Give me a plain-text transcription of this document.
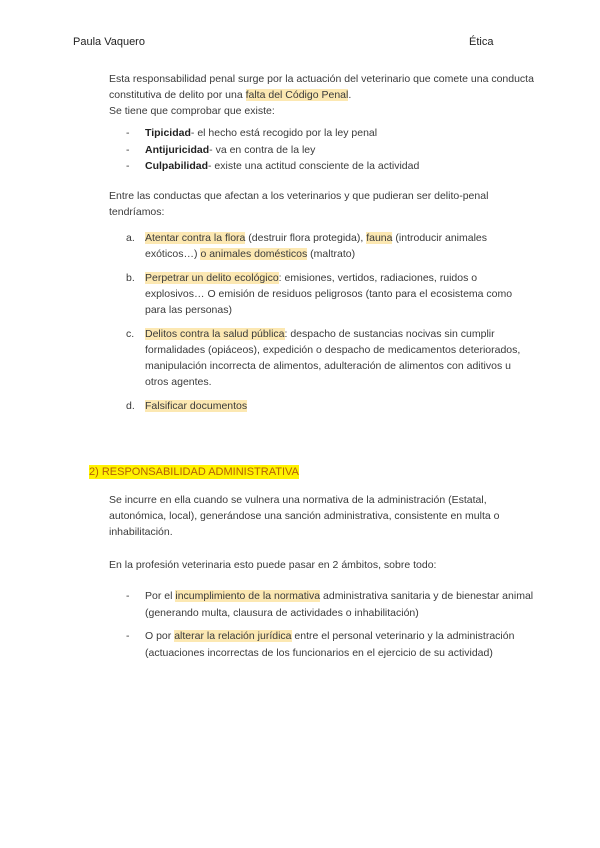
Paula Vaquero	Ética

Esta responsabilidad penal surge por la actuación del veterinario que comete una conducta constitutiva de delito por una falta del Código Penal.
Se tiene que comprobar que existe:

- Tipicidad- el hecho está recogido por la ley penal
- Antijuricidad- va en contra de la ley
- Culpabilidad- existe una actitud consciente de la actividad

Entre las conductas que afectan a los veterinarios y que pudieran ser delito-penal tendríamos:

a. Atentar contra la flora (destruir flora protegida), fauna (introducir animales exóticos…) o animales domésticos (maltrato)
b. Perpetrar un delito ecológico: emisiones, vertidos, radiaciones, ruidos o explosivos… O emisión de residuos peligrosos (tanto para el ecosistema como para las personas)
c. Delitos contra la salud pública: despacho de sustancias nocivas sin cumplir formalidades (opiáceos), expedición o despacho de medicamentos deteriorados, manipulación incorrecta de alimentos, adulteración de alimentos con aditivos u otros agentes.
d. Falsificar documentos
2) RESPONSABILIDAD ADMINISTRATIVA

Se incurre en ella cuando se vulnera una normativa de la administración (Estatal, autonómica, local), generándose una sanción administrativa, consistente en multa o inhabilitación.

En la profesión veterinaria esto puede pasar en 2 ámbitos, sobre todo:

- Por el incumplimiento de la normativa administrativa sanitaria y de bienestar animal (generando multa, clausura de actividades o inhabilitación)
- O por alterar la relación jurídica entre el personal veterinario y la administración (actuaciones incorrectas de los funcionarios en el ejercicio de su actividad)
